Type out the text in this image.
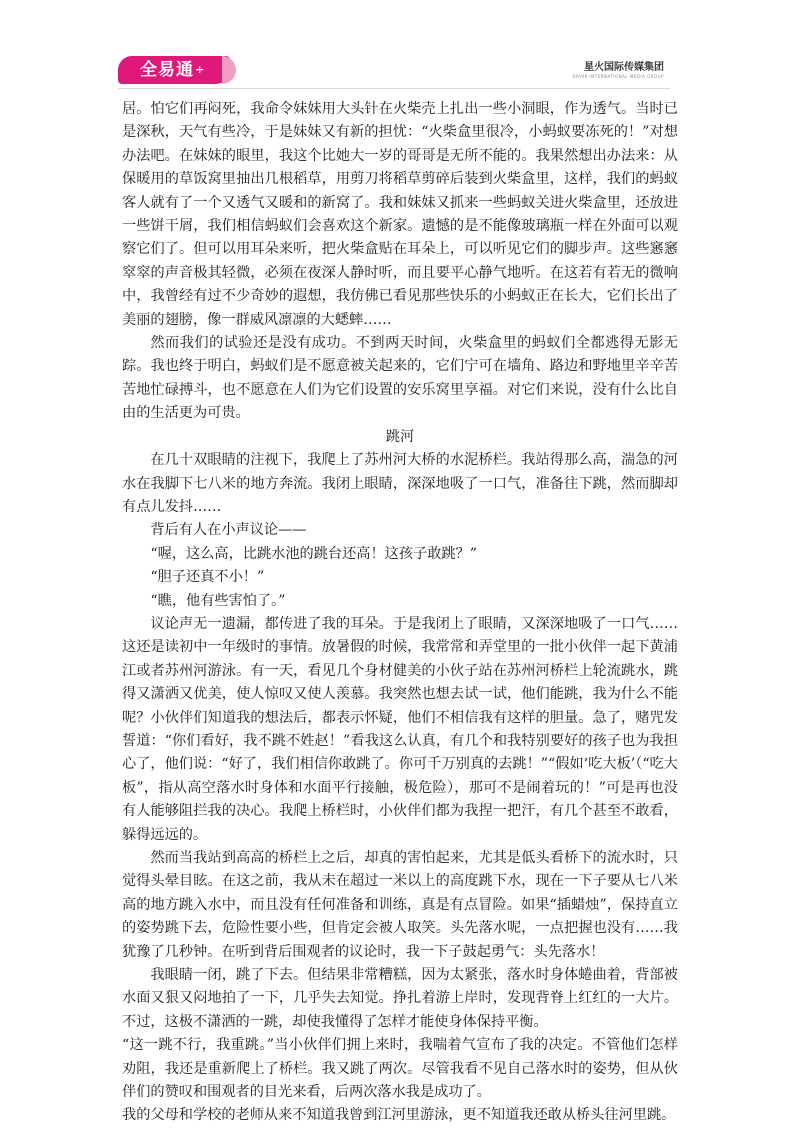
全易通+	星火国际传媒集团
SPARK INTERNATIONAL MEDIA GROUP

居。怕它们再闷死，我命令妹妹用大头针在火柴壳上扎出一些小洞眼，作为透气。当时已是深秋，天气有些冷，于是妹妹又有新的担忧：“火柴盒里很冷，小蚂蚁要冻死的！”对想办法吧。在妹妹的眼里，我这个比她大一岁的哥哥是无所不能的。我果然想出办法来：从保暖用的草饭窝里抽出几根稻草，用剪刀将稻草剪碎后装到火柴盒里，这样，我们的蚂蚁客人就有了一个又透气又暖和的新窝了。我和妹妹又抓来一些蚂蚁关进火柴盒里，还放进一些饼干屑，我们相信蚂蚁们会喜欢这个新家。遗憾的是不能像玻璃瓶一样在外面可以观察它们了。但可以用耳朵来听，把火柴盒贴在耳朵上，可以听见它们的脚步声。这些窸窸窣窣的声音极其轻微，必须在夜深人静时听，而且要平心静气地听。在这若有若无的微响中，我曾经有过不少奇妙的遐想，我仿佛已看见那些快乐的小蚂蚁正在长大，它们长出了美丽的翅膀，像一群威风凛凛的大蟋蟀……

然而我们的试验还是没有成功。不到两天时间，火柴盒里的蚂蚁们全都逃得无影无踪。我也终于明白，蚂蚁们是不愿意被关起来的，它们宁可在墙角、路边和野地里辛辛苦苦地忙碌搏斗，也不愿意在人们为它们设置的安乐窝里享福。对它们来说，没有什么比自由的生活更为可贵。

跳河

在几十双眼睛的注视下，我爬上了苏州河大桥的水泥桥栏。我站得那么高，湍急的河水在我脚下七八米的地方奔流。我闭上眼睛，深深地吸了一口气，准备往下跳，然而脚却有点儿发抖……

背后有人在小声议论——

“喔，这么高，比跳水池的跳台还高！这孩子敢跳？”

“胆子还真不小！”

“瞧，他有些害怕了。”

议论声无一遗漏，都传进了我的耳朵。于是我闭上了眼睛，又深深地吸了一口气……这还是读初中一年级时的事情。放暑假的时候，我常常和弄堂里的一批小伙伴一起下黄浦江或者苏州河游泳。有一天，看见几个身材健美的小伙子站在苏州河桥栏上轮流跳水，跳得又潇洒又优美，使人惊叹又使人羡慕。我突然也想去试一试，他们能跳，我为什么不能呢？小伙伴们知道我的想法后，都表示怀疑，他们不相信我有这样的胆量。急了，赌咒发誓道：“你们看好，我不跳不姓赵！”看我这么认真，有几个和我特别要好的孩子也为我担心了，他们说：“好了，我们相信你敢跳了。你可千万别真的去跳！”“假如‘吃大板’（“吃大板”，指从高空落水时身体和水面平行接触，极危险），那可不是闹着玩的！”可是再也没有人能够阻拦我的决心。我爬上桥栏时，小伙伴们都为我捏一把汗，有几个甚至不敢看，躲得远远的。

然而当我站到高高的桥栏上之后，却真的害怕起来，尤其是低头看桥下的流水时，只觉得头晕目眩。在这之前，我从未在超过一米以上的高度跳下水，现在一下子要从七八米高的地方跳入水中，而且没有任何准备和训练，真是有点冒险。如果“插蜡烛”，保持直立的姿势跳下去，危险性要小些，但肯定会被人取笑。头先落水呢，一点把握也没有……我犹豫了几秒钟。在听到背后围观者的议论时，我一下子鼓起勇气：头先落水！

我眼睛一闭，跳了下去。但结果非常糟糕，因为太紧张，落水时身体蜷曲着，背部被水面又狠又闷地拍了一下，几乎失去知觉。挣扎着游上岸时，发现背脊上红红的一大片。不过，这极不潇洒的一跳，却使我懂得了怎样才能使身体保持平衡。

“这一跳不行，我重跳。”当小伙伴们拥上来时，我喘着气宣布了我的决定。不管他们怎样劝阻，我还是重新爬上了桥栏。我又跳了两次。尽管我看不见自己落水时的姿势，但从伙伴们的赞叹和围观者的目光来看，后两次落水我是成功了。

我的父母和学校的老师从来不知道我曾到江河里游泳，更不知道我还敢从桥头往河里跳。
